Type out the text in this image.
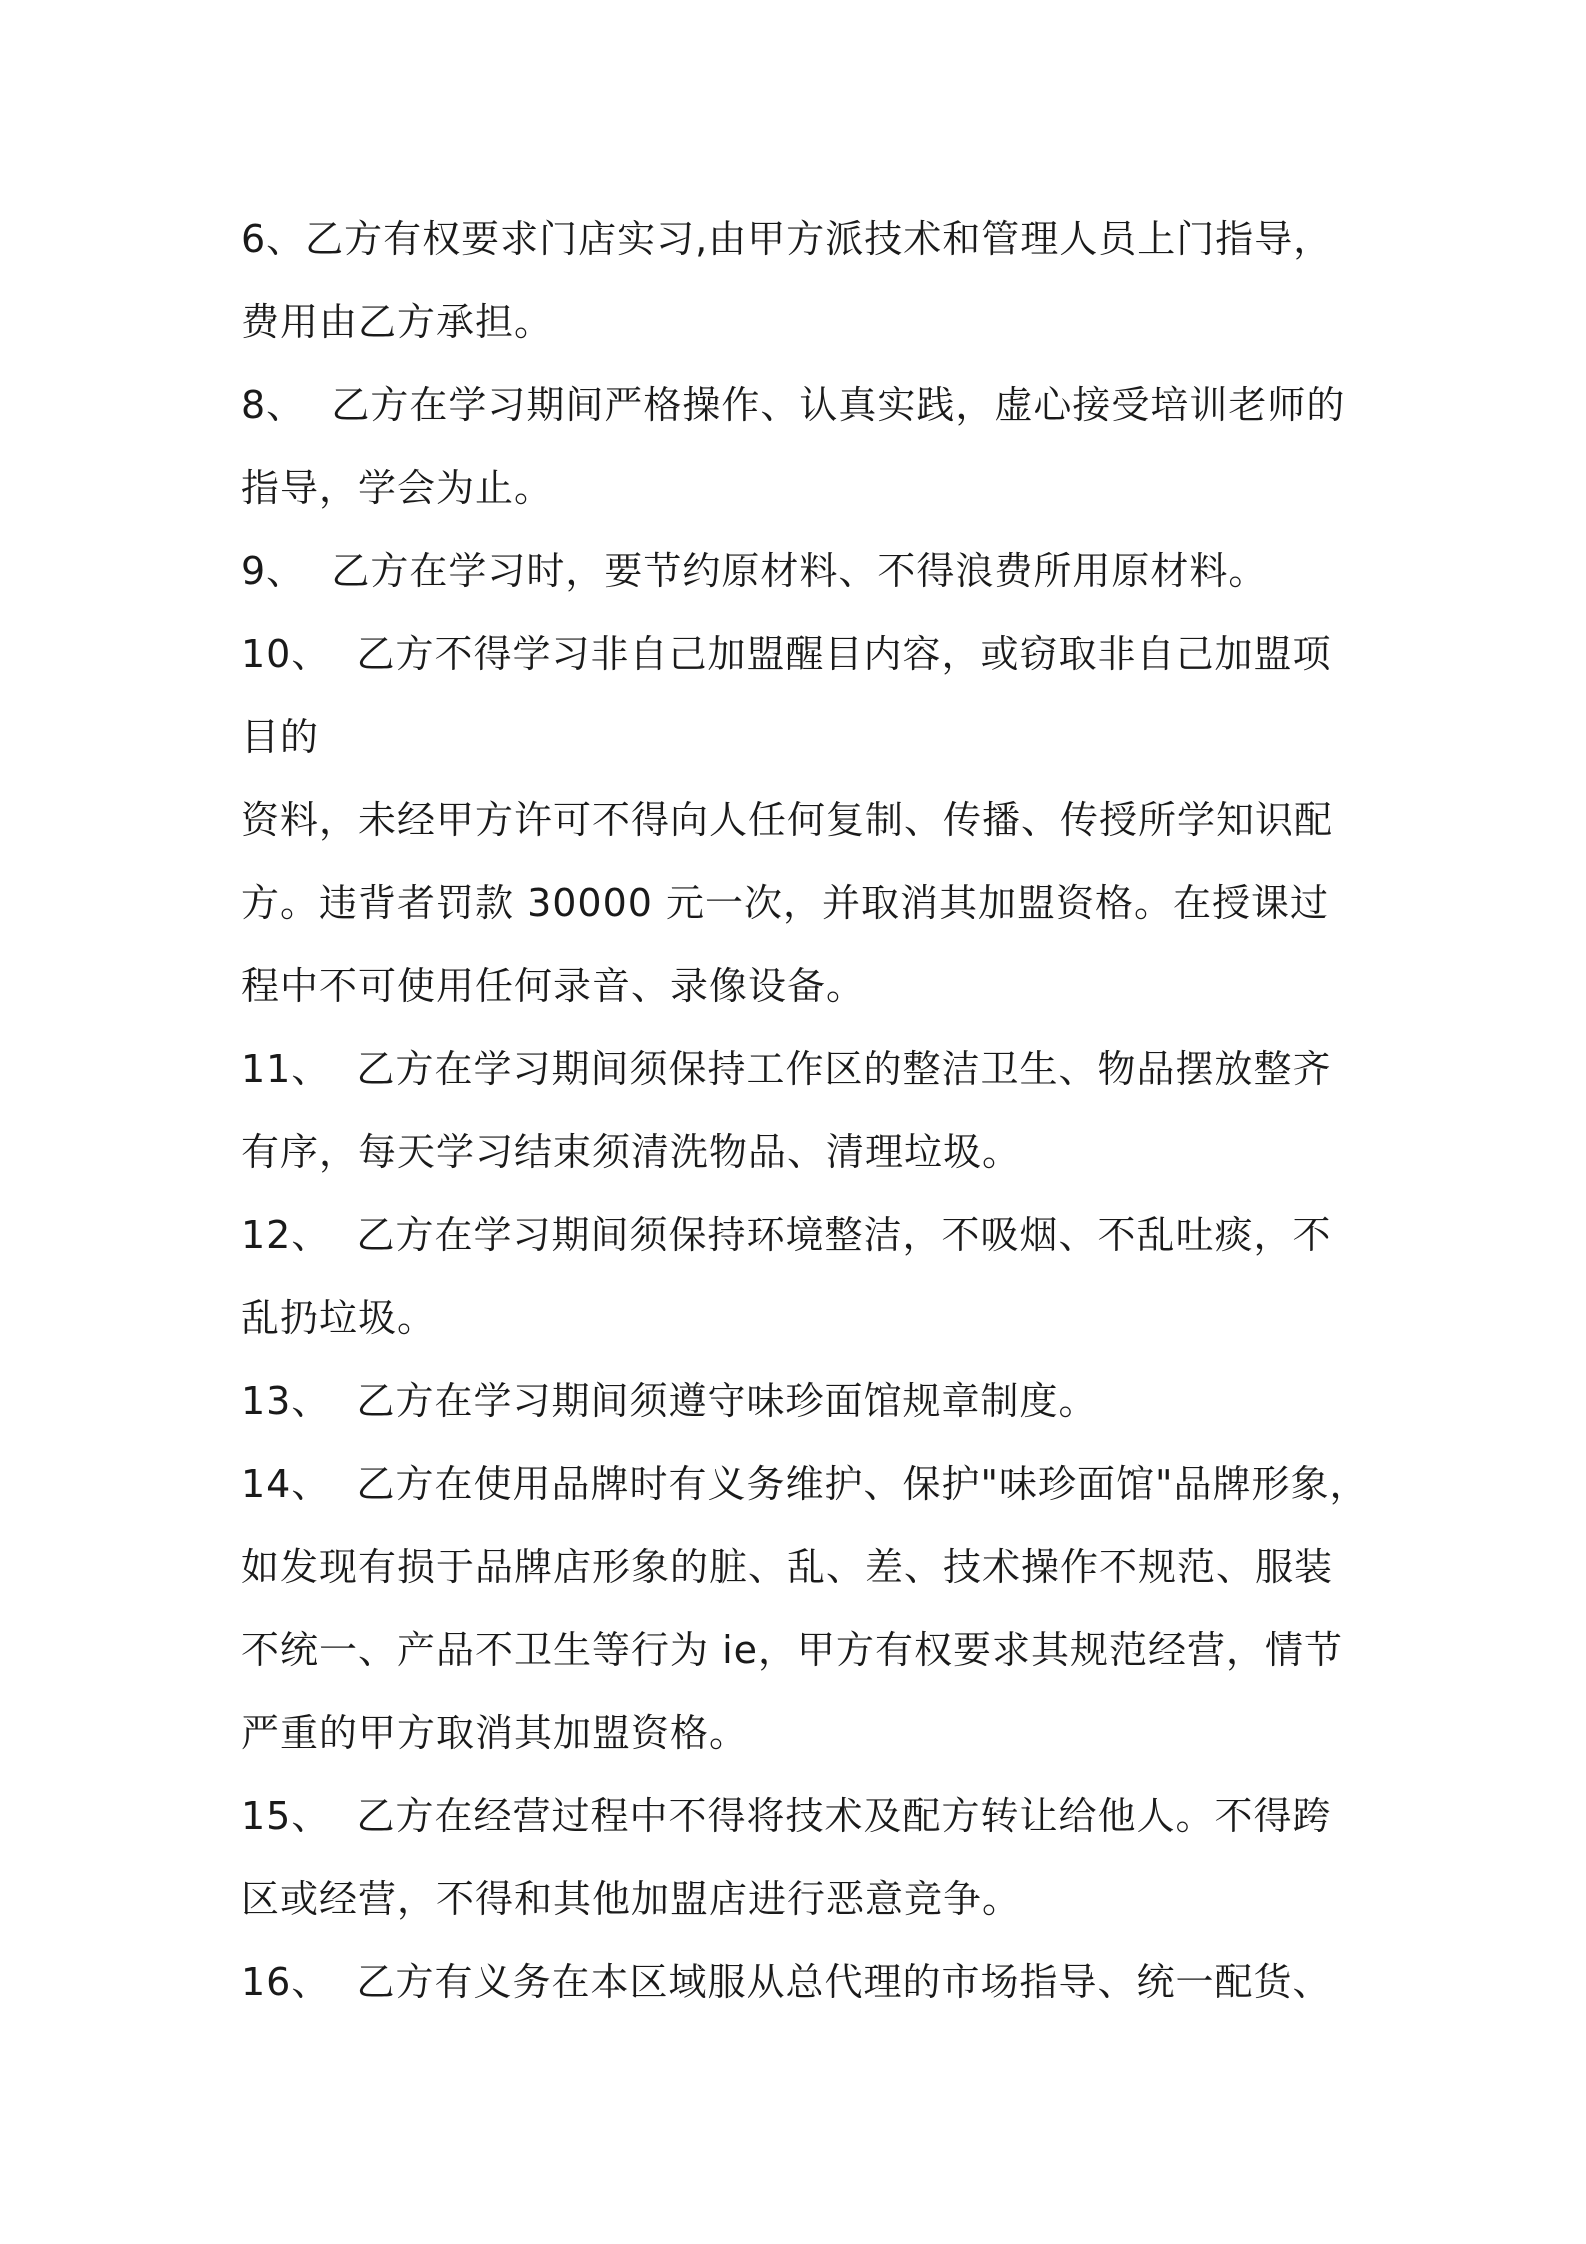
6、乙方有权要求门店实习,由甲方派技术和管理人员上门指导，
费用由乙方承担。
8、  乙方在学习期间严格操作、认真实践，虚心接受培训老师的
指导，学会为止。
9、  乙方在学习时，要节约原材料、不得浪费所用原材料。
10、  乙方不得学习非自己加盟醒目内容，或窃取非自己加盟项
目的
资料，未经甲方许可不得向人任何复制、传播、传授所学知识配
方。违背者罚款 30000 元一次，并取消其加盟资格。在授课过
程中不可使用任何录音、录像设备。
11、  乙方在学习期间须保持工作区的整洁卫生、物品摆放整齐
有序，每天学习结束须清洗物品、清理垃圾。
12、  乙方在学习期间须保持环境整洁，不吸烟、不乱吐痰，不
乱扔垃圾。
13、  乙方在学习期间须遵守味珍面馆规章制度。
14、  乙方在使用品牌时有义务维护、保护"味珍面馆"品牌形象，
如发现有损于品牌店形象的脏、乱、差、技术操作不规范、服装
不统一、产品不卫生等行为 ie，甲方有权要求其规范经营，情节
严重的甲方取消其加盟资格。
15、  乙方在经营过程中不得将技术及配方转让给他人。不得跨
区或经营，不得和其他加盟店进行恶意竞争。
16、  乙方有义务在本区域服从总代理的市场指导、统一配货、
